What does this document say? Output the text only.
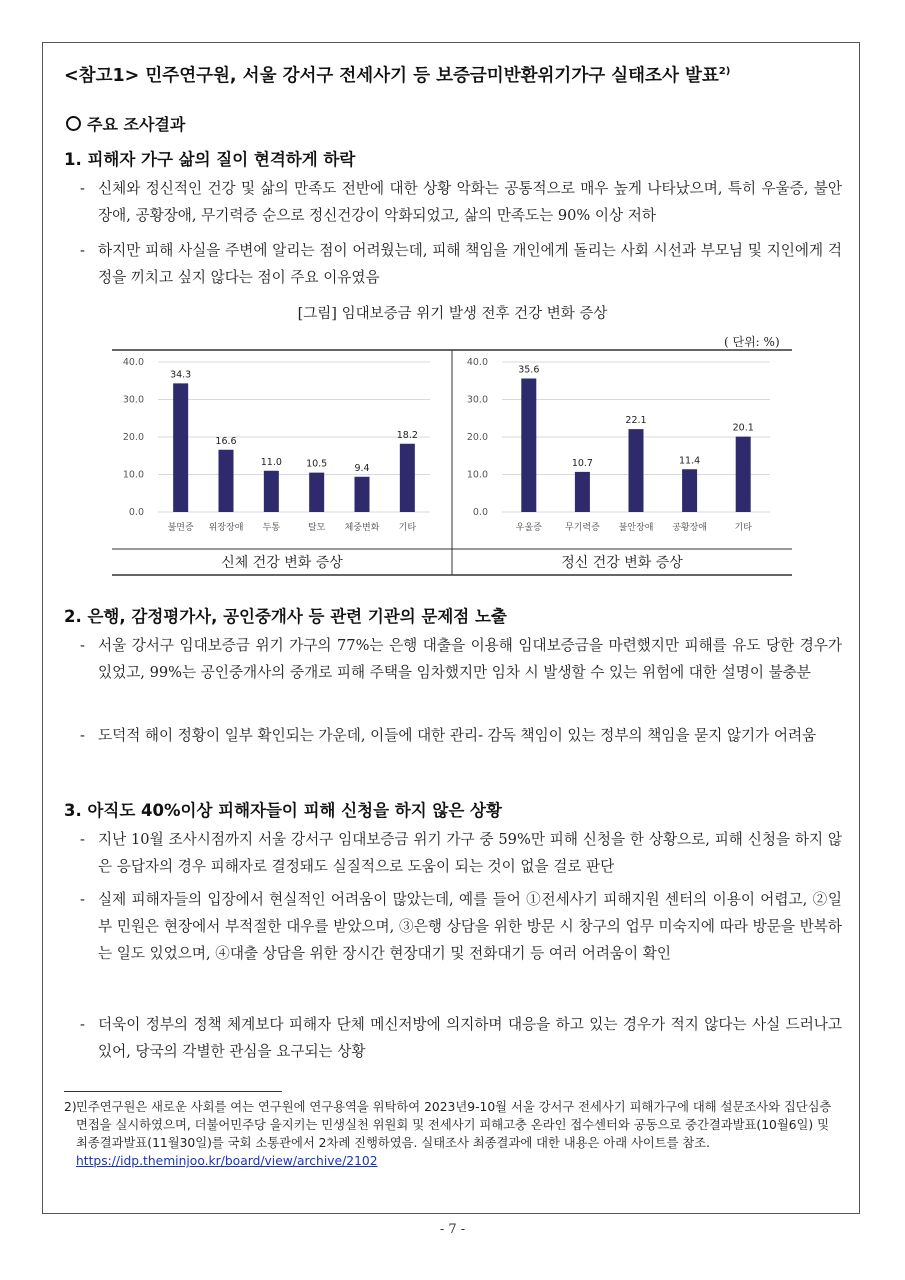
<참고1> 민주연구원, 서울 강서구 전세사기 등 보증금미반환위기가구 실태조사 발표$^{2)}$
주요 조사결과
1. 피해자 가구 삶의 질이 현격하게 하락
- 신체와 정신적인 건강 및 삶의 만족도 전반에 대한 상황 악화는 공통적으로 매우 높게 나타났으며, 특히 우울증, 불안장애, 공황장애, 무기력증 순으로 정신건강이 악화되었고, 삶의 만족도는 90% 이상 저하
- 하지만 피해 사실을 주변에 알리는 점이 어려웠는데, 피해 책임을 개인에게 돌리는 사회 시선과 부모님 및 지인에게 걱정을 끼치고 싶지 않다는 점이 주요 이유였음
[그림] 임대보증금 위기 발생 전후 건강 변화 증상
( 단위: %)
0.0
10.0
20.0
30.0
40.0
34.3
불면증
16.6
위장장애
11.0
두통
10.5
탈모
9.4
체중변화
18.2
기타
신체 건강 변화 증상
0.0
10.0
20.0
30.0
40.0
35.6
우울증
10.7
무기력증
22.1
불안장애
11.4
공황장애
20.1
기타
정신 건강 변화 증상
2. 은행, 감정평가사, 공인중개사 등 관련 기관의 문제점 노출
- 서울 강서구 임대보증금 위기 가구의 77%는 은행 대출을 이용해 임대보증금을 마련했지만 피해를 유도 당한 경우가 있었고, 99%는 공인중개사의 중개로 피해 주택을 임차했지만 임차 시 발생할 수 있는 위험에 대한 설명이 불충분
- 도덕적 해이 정황이 일부 확인되는 가운데, 이들에 대한 관리- 감독 책임이 있는 정부의 책임을 묻지 않기가 어려움
3. 아직도 40%이상 피해자들이 피해 신청을 하지 않은 상황
- 지난 10월 조사시점까지 서울 강서구 임대보증금 위기 가구 중 59%만 피해 신청을 한 상황으로, 피해 신청을 하지 않은 응답자의 경우 피해자로 결정돼도 실질적으로 도움이 되는 것이 없을 걸로 판단
- 실제 피해자들의 입장에서 현실적인 어려움이 많았는데, 예를 들어 ①전세사기 피해지원 센터의 이용이 어렵고, ②일부 민원은 현장에서 부적절한 대우를 받았으며, ③은행 상담을 위한 방문 시 창구의 업무 미숙지에 따라 방문을 반복하는 일도 있었으며, ④대출 상담을 위한 장시간 현장대기 및 전화대기 등 여러 어려움이 확인
- 더욱이 정부의 정책 체계보다 피해자 단체 메신저방에 의지하며 대응을 하고 있는 경우가 적지 않다는 사실 드러나고 있어, 당국의 각별한 관심을 요구되는 상황
2) 민주연구원은 새로운 사회를 여는 연구원에 연구용역을 위탁하여 2023년9-10월 서울 강서구 전세사기 피해가구에 대해 설문조사와 집단심층면접을 실시하였으며, 더불어민주당 을지키는 민생실천 위원회 및 전세사기 피해고충 온라인 접수센터와 공동으로 중간결과발표(10월6일) 및 최종결과발표(11월30일)를 국회 소통관에서 2차례 진행하였음. 실태조사 최종결과에 대한 내용은 아래 사이트를 참조.
https://idp.theminjoo.kr/board/view/archive/2102
- 7 -
